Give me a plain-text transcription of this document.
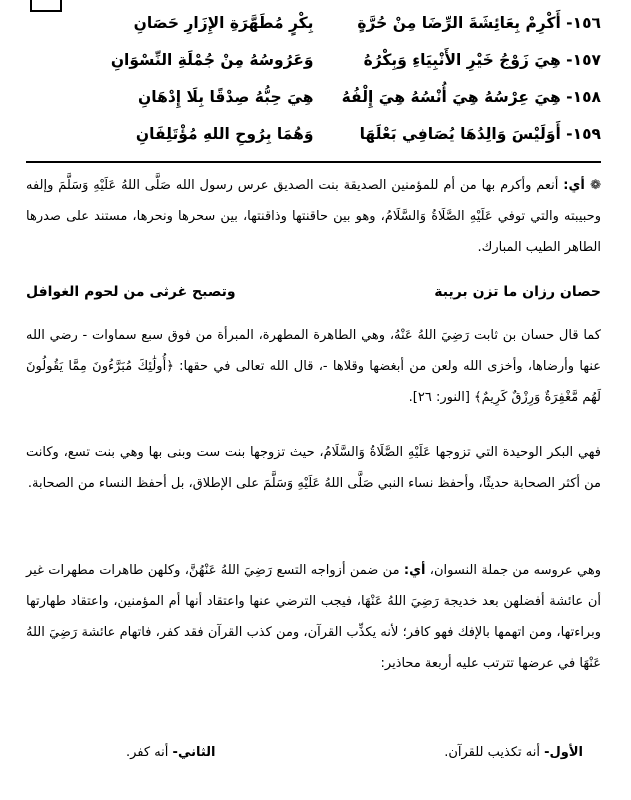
١٥٦- أَكْرِمْ بِعَائِشَةَ الرِّضَا مِنْ حُرَّةٍ
بِكْرٍ مُطَهَّرَةِ الإِزَارِ حَصَانِ
١٥٧- هِيَ زَوْجُ خَيْرِ الأَنْبِيَاءِ وَبِكْرُهُ
وَعَرُوسُهُ مِنْ جُمْلَةِ النِّسْوَانِ
١٥٨- هِيَ عِرْسُهُ هِيَ أُنْسُهُ هِيَ إِلْفُهُ
هِيَ حِبُّهُ صِدْقًا بِلَا إِدْهَانِ
١٥٩- أَوَلَيْسَ وَالِدُهَا يُصَافِي بَعْلَهَا
وَهُمَا بِرُوحِ اللهِ مُؤْتَلِفَانِ
❁ أي: أنعم وأكرم بها من أم للمؤمنين الصديقة بنت الصديق عرس رسول الله صَلَّى اللهُ عَلَيْهِ وَسَلَّمَ وإلفه وحبيبته والتي توفي عَلَيْهِ الصَّلَاةُ وَالسَّلَامُ، وهو بين حاقنتها وذاقنتها، بين سحرها ونحرها، مستند على صدرها الطاهر الطيب المبارك.
حصان رزان ما تزن بريبة
وتصبح غرثى من لحوم الغوافل
كما قال حسان بن ثابت رَضِيَ اللهُ عَنْهُ، وهي الطاهرة المطهرة، المبرأة من فوق سبع سماوات - رضي الله عنها وأرضاها، وأخزى الله ولعن من أبغضها وقلاها -، قال الله تعالى في حقها: ﴿أُولَٰئِكَ مُبَرَّءُونَ مِمَّا يَقُولُونَ لَهُم مَّغْفِرَةٌ وَرِزْقٌ كَرِيمٌ﴾ [النور: ٢٦].
فهي البكر الوحيدة التي تزوجها عَلَيْهِ الصَّلَاةُ وَالسَّلَامُ، حيث تزوجها بنت ست وبنى بها وهي بنت تسع، وكانت من أكثر الصحابة حديثًا، وأحفظ نساء النبي صَلَّى اللهُ عَلَيْهِ وَسَلَّمَ على الإطلاق، بل أحفظ النساء من الصحابة.
وهي عروسه من جملة النسوان، أي: من ضمن أزواجه التسع رَضِيَ اللهُ عَنْهُنَّ، وكلهن طاهرات مطهرات غير أن عائشة أفضلهن بعد خديجة رَضِيَ اللهُ عَنْهَا، فيجب الترضي عنها واعتقاد أنها أم المؤمنين، واعتقاد طهارتها وبراءتها، ومن اتهمها بالإفك فهو كافر؛ لأنه يكذِّب القرآن، ومن كذب القرآن فقد كفر، فاتهام عائشة رَضِيَ اللهُ عَنْهَا في عرضها تترتب عليه أربعة محاذير:
الأول- أنه تكذيب للقرآن.
الثاني- أنه كفر.
